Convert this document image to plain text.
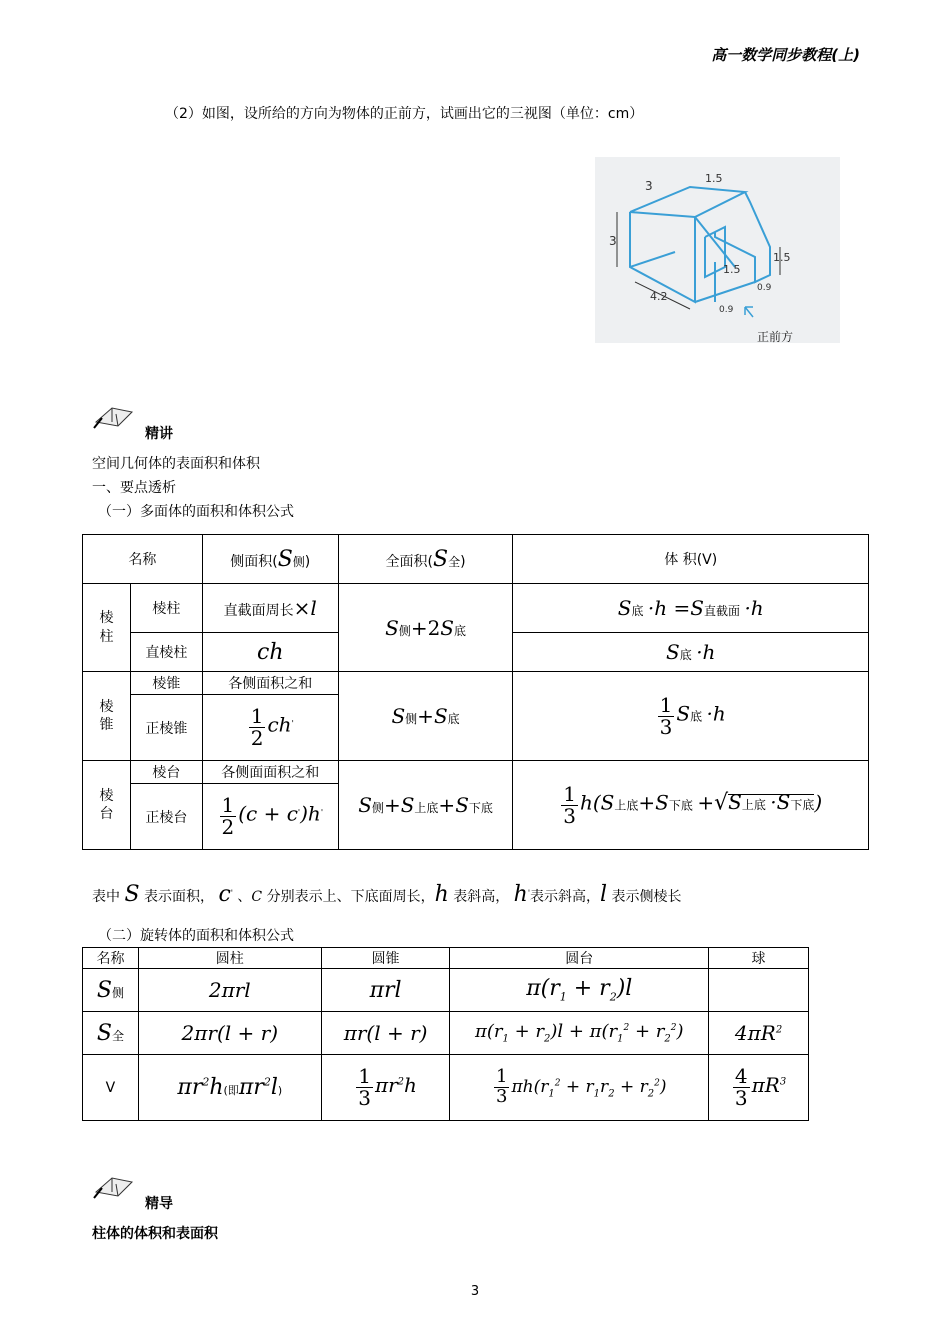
高一数学同步教程(上)
（2）如图，设所给的方向为物体的正前方，试画出它的三视图（单位：cm）
3
1.5
3
1.5
1.5
4.2
0.9
0.9
正前方
精讲
空间几何体的表面积和体积
一、要点透析
（一）多面体的面积和体积公式
名称		侧面积(S侧)	全面积(S全)	体 积(V)
棱柱	棱柱	直截面周长×l	S侧+2S底	S底 ·h =S直截面 ·h
	直棱柱	ch		S底 ·h
棱锥	棱锥	各侧面积之和	S侧+S底	$\frac{1}{3}$ S底 ·h
	正棱锥	$\frac{1}{2} ch'$
棱台	棱台	各侧面面积之和	S侧+S上底+S下底	$\frac{1}{3} h(S$上底+S下底 +√S上底 ·S下底)
	正棱台	$\frac{1}{2} (c + c')h'$
表中 S 表示面积， c' 、C 分别表示上、下底面周长，h 表斜高， h'表示斜高，l 表示侧棱长
（二）旋转体的面积和体积公式
名称	圆柱	圆锥	圆台	球
S侧	2πrl	πrl	$\pi(r_1 + r_2)l$	
S全	2πr(l + r)	πr(l + r)	$\pi(r_1 + r_2)l + \pi(r_1^2 + r_2^2)$	$4\pi R^2$
V	$\pi r^2h$(即$\pi r^2l$)	$\frac{1}{3} \pi r^2h$	$\frac{1}{3} \pi h(r_1^2 + r_1r_2 + r_2^2)$	$\frac{4}{3} \pi R^3$
精导
柱体的体积和表面积
3
